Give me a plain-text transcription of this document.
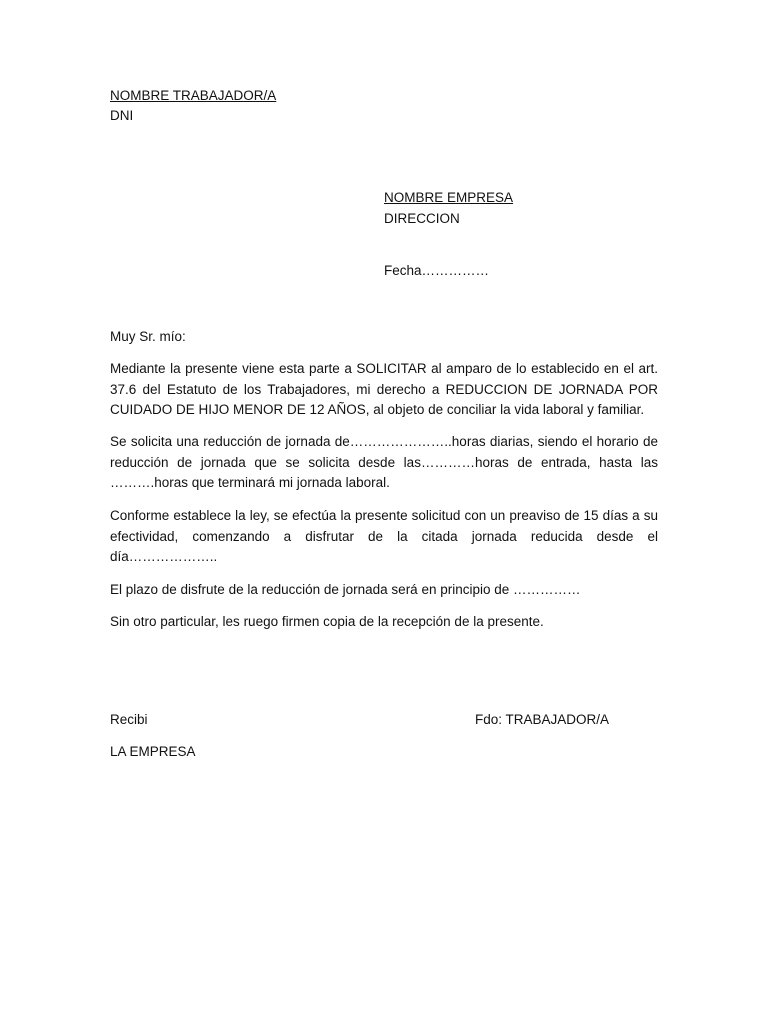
NOMBRE TRABAJADOR/A
DNI
NOMBRE EMPRESA
DIRECCION
Fecha……………
Muy Sr. mío:

Mediante la presente viene esta parte a SOLICITAR al amparo de lo establecido en el art. 37.6 del Estatuto de los Trabajadores, mi derecho a REDUCCION DE JORNADA POR CUIDADO DE HIJO MENOR DE 12 AÑOS, al objeto de conciliar la vida laboral y familiar.

Se solicita una reducción de jornada de…………………..horas diarias, siendo el horario de reducción de jornada que se solicita desde las…………horas de entrada, hasta las ……….horas que terminará mi jornada laboral.

Conforme establece la ley, se efectúa la presente solicitud con un preaviso de 15 días a su efectividad, comenzando a disfrutar de la citada jornada reducida desde el día………………..

El plazo de disfrute de la reducción de jornada será en principio de ……………

Sin otro particular, les ruego firmen copia de la recepción de la presente.

Recibi	Fdo: TRABAJADOR/A
LA EMPRESA
